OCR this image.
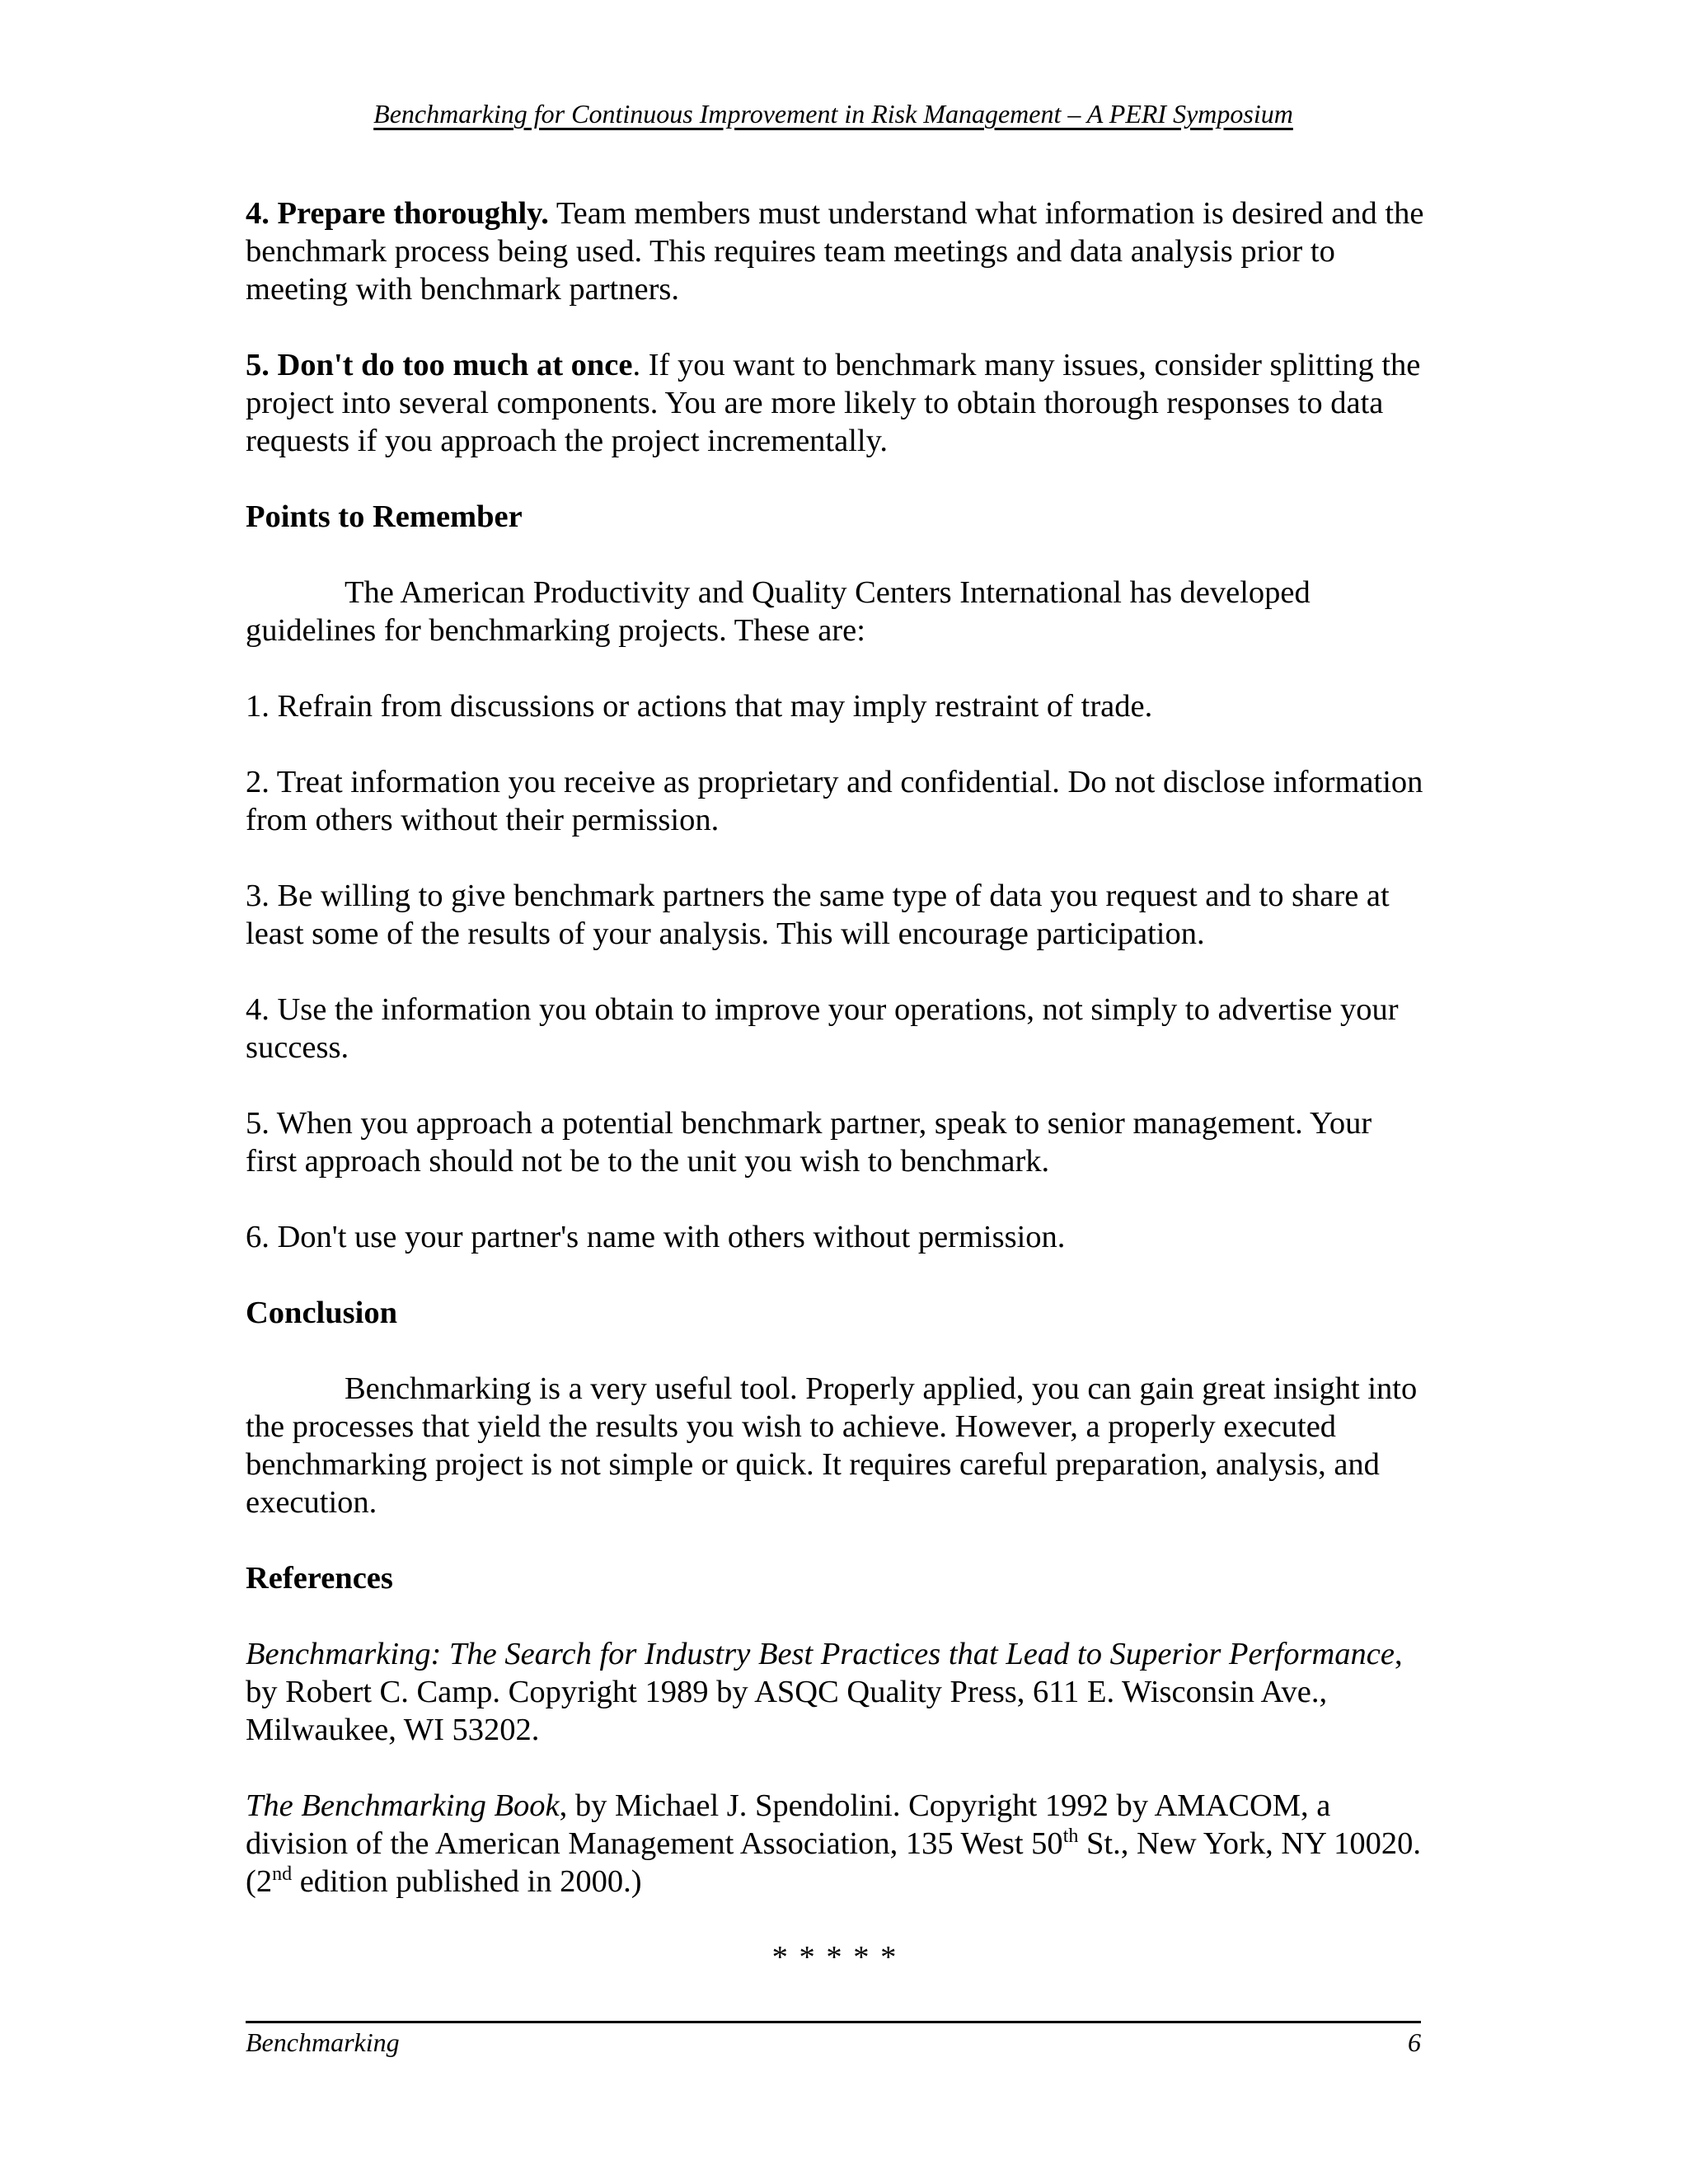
Benchmarking for Continuous Improvement in Risk Management – A PERI Symposium

4. Prepare thoroughly. Team members must understand what information is desired and the benchmark process being used. This requires team meetings and data analysis prior to meeting with benchmark partners.

5. Don't do too much at once. If you want to benchmark many issues, consider splitting the project into several components. You are more likely to obtain thorough responses to data requests if you approach the project incrementally.

Points to Remember

The American Productivity and Quality Centers International has developed guidelines for benchmarking projects. These are:

1. Refrain from discussions or actions that may imply restraint of trade.

2. Treat information you receive as proprietary and confidential. Do not disclose information from others without their permission.

3. Be willing to give benchmark partners the same type of data you request and to share at least some of the results of your analysis. This will encourage participation.

4. Use the information you obtain to improve your operations, not simply to advertise your success.

5. When you approach a potential benchmark partner, speak to senior management. Your first approach should not be to the unit you wish to benchmark.

6. Don't use your partner's name with others without permission.

Conclusion

Benchmarking is a very useful tool. Properly applied, you can gain great insight into the processes that yield the results you wish to achieve. However, a properly executed benchmarking project is not simple or quick. It requires careful preparation, analysis, and execution.

References

Benchmarking: The Search for Industry Best Practices that Lead to Superior Performance, by Robert C. Camp. Copyright 1989 by ASQC Quality Press, 611 E. Wisconsin Ave., Milwaukee, WI 53202.

The Benchmarking Book, by Michael J. Spendolini. Copyright 1992 by AMACOM, a division of the American Management Association, 135 West 50th St., New York, NY 10020. (2nd edition published in 2000.)

* * * * *

Benchmarking	6
